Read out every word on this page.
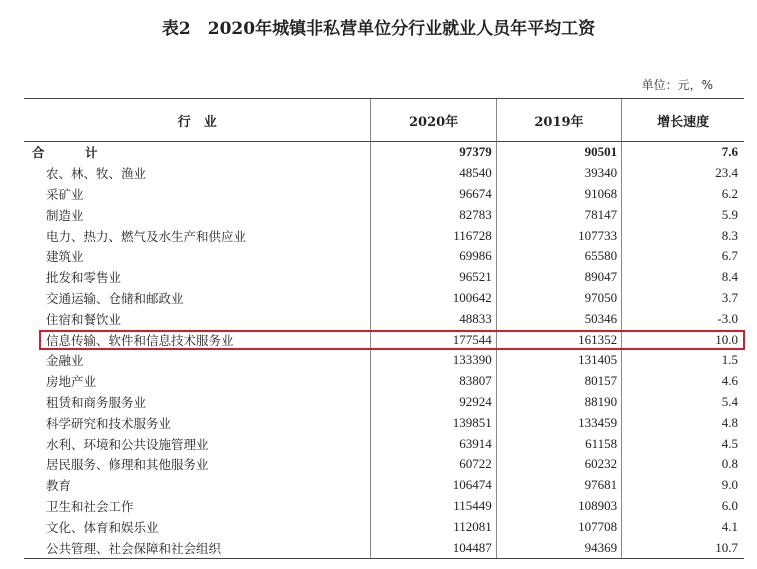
表2　2020年城镇非私营单位分行业就业人员年平均工资
单位：元，%
行　业	2020年	2019年	增长速度
合　计	97379	90501	7.6
农、林、牧、渔业	48540	39340	23.4
采矿业	96674	91068	6.2
制造业	82783	78147	5.9
电力、热力、燃气及水生产和供应业	116728	107733	8.3
建筑业	69986	65580	6.7
批发和零售业	96521	89047	8.4
交通运输、仓储和邮政业	100642	97050	3.7
住宿和餐饮业	48833	50346	-3.0
信息传输、软件和信息技术服务业	177544	161352	10.0
金融业	133390	131405	1.5
房地产业	83807	80157	4.6
租赁和商务服务业	92924	88190	5.4
科学研究和技术服务业	139851	133459	4.8
水利、环境和公共设施管理业	63914	61158	4.5
居民服务、修理和其他服务业	60722	60232	0.8
教育	106474	97681	9.0
卫生和社会工作	115449	108903	6.0
文化、体育和娱乐业	112081	107708	4.1
公共管理、社会保障和社会组织	104487	94369	10.7
